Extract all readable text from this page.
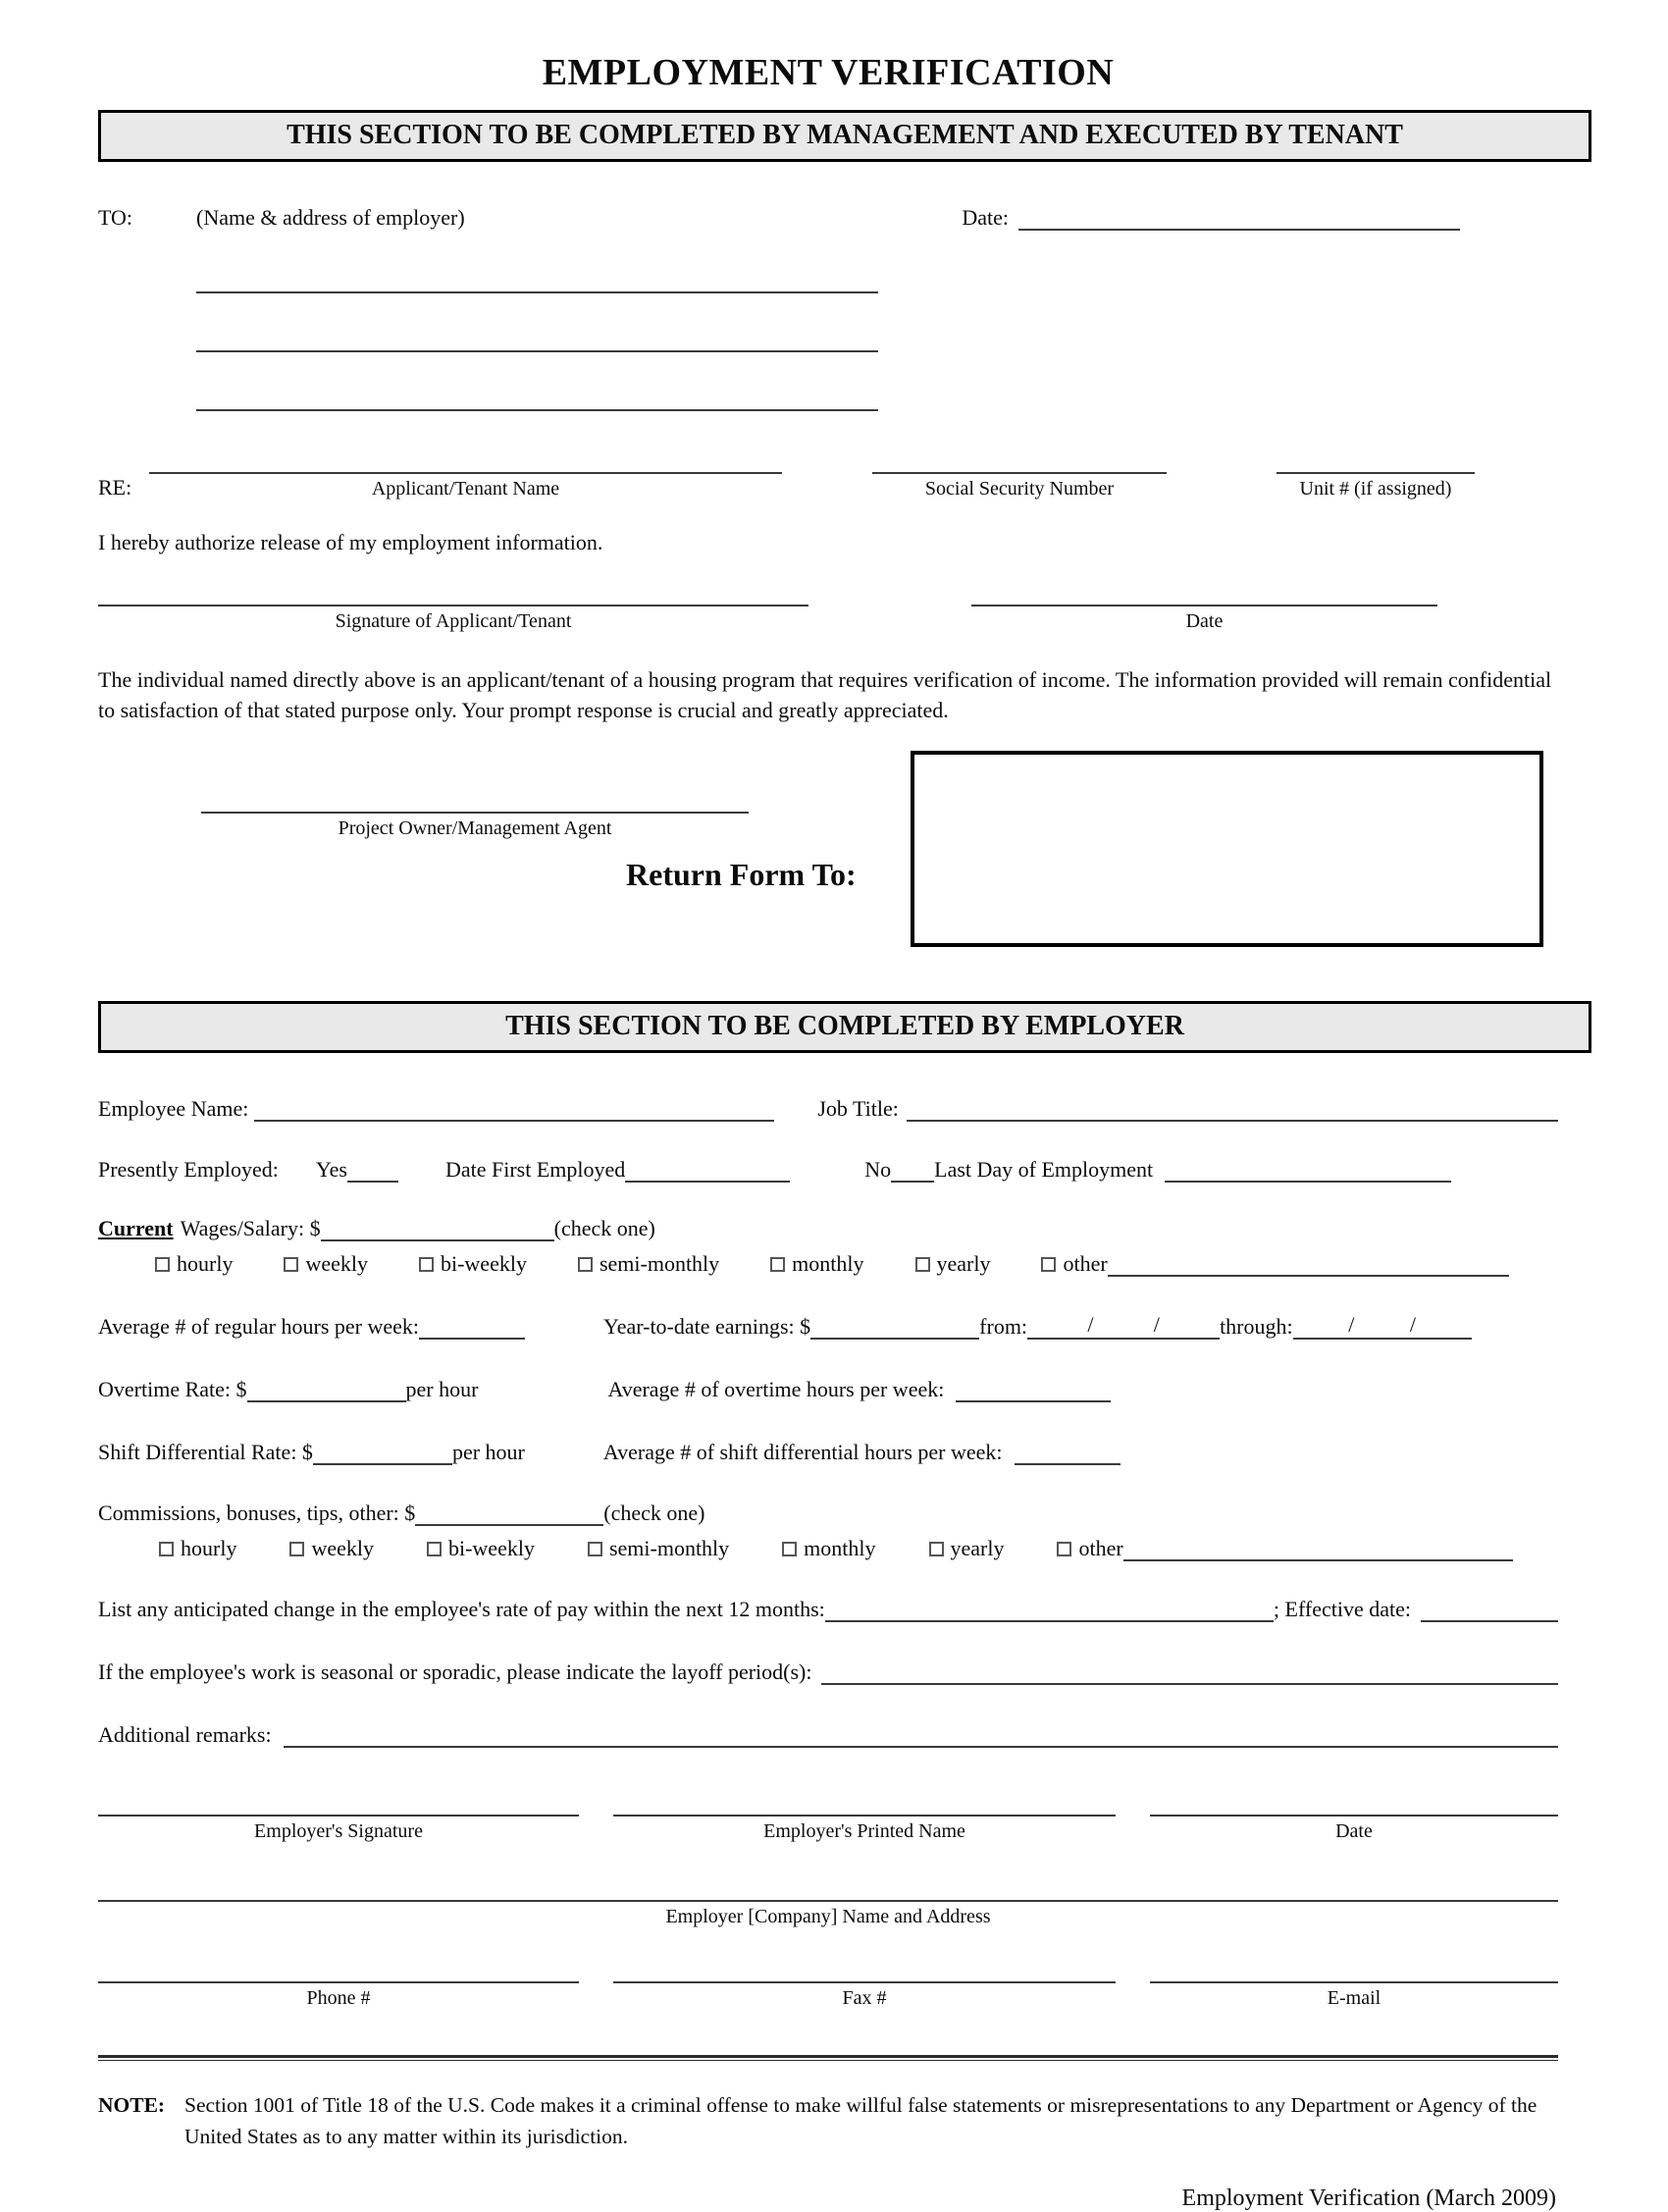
EMPLOYMENT VERIFICATION
THIS SECTION TO BE COMPLETED BY MANAGEMENT AND EXECUTED BY TENANT
TO:	(Name & address of employer)	Date:
RE:	Applicant/Tenant Name	Social Security Number	Unit # (if assigned)
I hereby authorize release of my employment information.
Signature of Applicant/Tenant	Date
The individual named directly above is an applicant/tenant of a housing program that requires verification of income. The information provided will remain confidential to satisfaction of that stated purpose only. Your prompt response is crucial and greatly appreciated.
Project Owner/Management Agent
Return Form To:
THIS SECTION TO BE COMPLETED BY EMPLOYER
Employee Name:	Job Title:
Presently Employed: Yes	Date First Employed	No Last Day of Employment
Current Wages/Salary: $	(check one)
hourly	weekly	bi-weekly	semi-monthly	monthly	yearly	other
Average # of regular hours per week:	Year-to-date earnings: $	from:	/	/	through:	/	/
Overtime Rate: $	per hour	Average # of overtime hours per week:
Shift Differential Rate: $	per hour	Average # of shift differential hours per week:
Commissions, bonuses, tips, other: $	(check one)
hourly	weekly	bi-weekly	semi-monthly	monthly	yearly	other
List any anticipated change in the employee's rate of pay within the next 12 months:	; Effective date:
If the employee's work is seasonal or sporadic, please indicate the layoff period(s):
Additional remarks:
Employer's Signature	Employer's Printed Name	Date
Employer [Company] Name and Address
Phone #	Fax #	E-mail
NOTE: Section 1001 of Title 18 of the U.S. Code makes it a criminal offense to make willful false statements or misrepresentations to any Department or Agency of the United States as to any matter within its jurisdiction.
Employment Verification (March 2009)
